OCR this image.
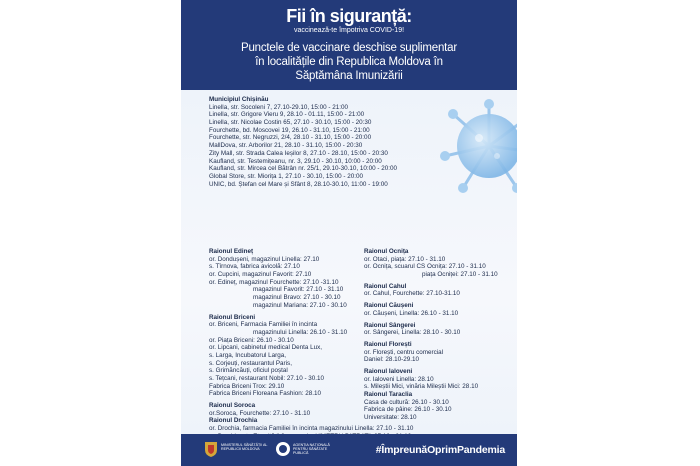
Fii în siguranță:
vaccinează-te împotriva COVID-19!
Punctele de vaccinare deschise suplimentar
în localitățile din Republica Moldova în
Săptămâna Imunizării
Municipiul Chișinău
Linella, str. Socoleni 7, 27.10-29.10, 15:00 - 21:00
Linella, str. Grigore Vieru 9, 28.10 - 01.11, 15:00 - 21:00
Linella, str. Nicolae Costin 65, 27.10 - 30.10, 15:00 - 20:30
Fourchette, bd. Moscovei 19, 26.10 - 31.10, 15:00 - 21:00
Fourchette, str. Negruzzi, 2/4, 28.10 - 31.10, 15:00 - 20:00
MallDova, str. Arborilor 21, 28.10 - 31.10, 15:00 - 20:30
Zity Mall, str. Strada Calea Ieșilor 8, 27.10 - 28.10, 15:00 - 20:30
Kaufland, str. Testemițeanu, nr. 3, 29.10 - 30.10, 10:00 - 20:00
Kaufland, str. Mircea cel Bătrân nr. 25/1, 29.10-30.10, 10:00 - 20:00
Global Store, str. Miorița 1, 27.10 - 30.10, 15:00 - 20:00
UNIC, bd. Ștefan cel Mare și Sfânt 8, 28.10-30.10, 11:00 - 19:00
Raionul Edineț
or. Dondușeni, magazinul Linella: 27.10
s. Tîrnova, fabrica avicolă: 27.10
or. Cupcini, magazinul Favorit: 27.10
or. Edineț, magazinul Fourchette: 27.10 -31.10
magazinul Favorit: 27.10 - 31.10
magazinul Bravo: 27.10 - 30.10
magazinul Mariana: 27.10 - 30.10
Raionul Briceni
or. Briceni, Farmacia Familiei în incinta
magazinului Linella: 26.10 - 31.10
or. Piața Briceni: 26.10 - 30.10
or. Lipcani, cabinetul medical Denta Lux,
s. Larga, Incubatorul Larga,
s. Corjeuți, restaurantul Paris,
s. Grimăncăuți, oficiul poștal
s. Tețcani, restaurant Nobil: 27.10 - 30.10
Fabrica Briceni Trox: 29.10
Fabrica Briceni Floreana Fashion: 28.10
Raionul Soroca
or.Soroca, Fourchette: 27.10 - 31.10
Raionul Drochia
or. Drochia, farmacia Familiei în incinta magazinului Linella: 27.10 - 31.10
Raionul Ocnița
or. Otaci, piața: 27.10 - 31.10
or. Ocnița, scuarul CS Ocnița: 27.10 - 31.10
piața Ocniței: 27.10 - 31.10
Raionul Cahul
or. Cahul, Fourchette: 27.10-31.10
Raionul Căușeni
or. Căușeni, Linella: 26.10 - 31.10
Raionul Sângerei
or. Sângerei, Linella: 28.10 - 30.10
Raionul Florești
or. Florești, centru comercial
Daniel: 28.10-29.10
Raionul Ialoveni
or. Ialoveni Linella: 28.10
s. Mileștii Mici, vinăria Mileștii Mici: 28.10
Raionul Taraclia
Casa de cultură: 26.10 - 30.10
Fabrica de pâine: 26.10 - 30.10
Universitate: 28.10
MINISTERUL SĂNĂTĂȚII AL REPUBLICII MOLDOVA
AGENȚIA NAȚIONALĂ PENTRU SĂNĂTATE PUBLICĂ	#ÎmpreunăOprimPandemia
